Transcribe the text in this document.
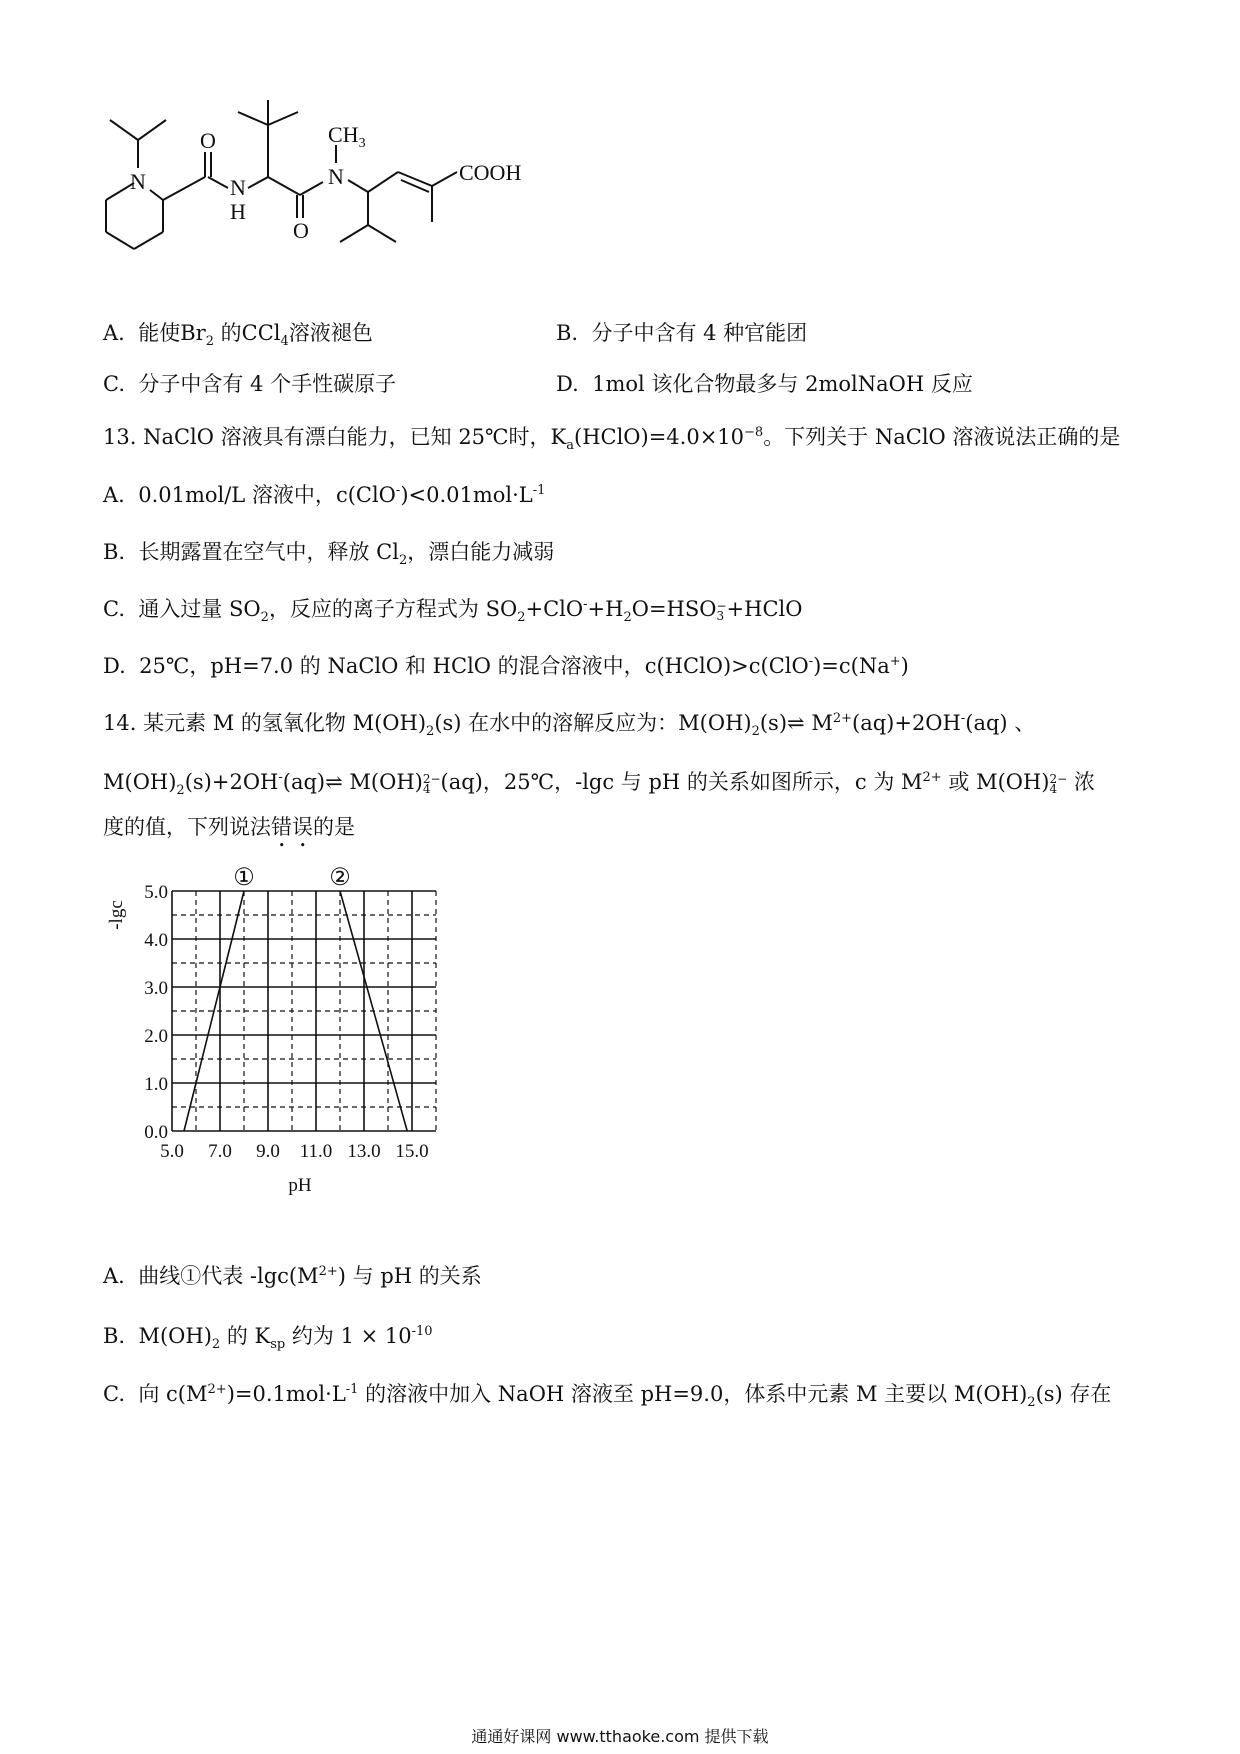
N
O
N
H
O
N
$CH_3$
COOH
A. 能使$Br_2$ 的CCl$_4$溶液褪色	B. 分子中含有 4 种官能团
C. 分子中含有 4 个手性碳原子	D. 1mol 该化合物最多与 2molNaOH 反应
13. NaClO 溶液具有漂白能力，已知 25℃时，$K_a(HClO)=4.0\times 10^{-8}$。下列关于 NaClO 溶液说法正确的是
A. 0.01mol/L 溶液中，$c(ClO^-)<0.01mol\cdot L^{-1}$
B. 长期露置在空气中，释放 $Cl_2$，漂白能力减弱
C. 通入过量 $SO_2$，反应的离子方程式为 $SO_2+ClO^-+H_2O=HSO$ −
3 +HClO
D. 25℃，pH=7.0 的 NaClO 和 HClO 的混合溶液中，c(HClO)>c(ClO-)=c(Na+)
14. 某元素 M 的氢氧化物 $M(OH)_2(s)$ 在水中的溶解反应为：$M(OH)_2(s)\rightleftharpoons$ $M^{2+}(aq)+2OH^-(aq)$ 、
$M(OH)_2(s)+2OH^-(aq)\rightleftharpoons$ M(OH) 2−
4 (aq)，25℃，-lgc 与 pH 的关系如图所示，c 为 $M^{2+}$ 或 M(OH) 2−
4 浓
度的值，下列说法错误的是
①	②
5.0 7.0 9.0 11.0 13.0 15.0
0.0
1.0
2.0
3.0
4.0
5.0
pH
-lgc
A. 曲线①代表 $-\lg c(M^{2+})$ 与 pH 的关系
B. $M(OH)_2$ 的 $K_{sp}$ 约为 $1 \times 10^{-10}$
C. 向 $c(M^{2+})=0.1mol\cdot L^{-1}$ 的溶液中加入 NaOH 溶液至 pH=9.0，体系中元素 M 主要以 $M(OH)_2(s)$ 存在
通通好课网 www.tthaoke.com 提供下载
